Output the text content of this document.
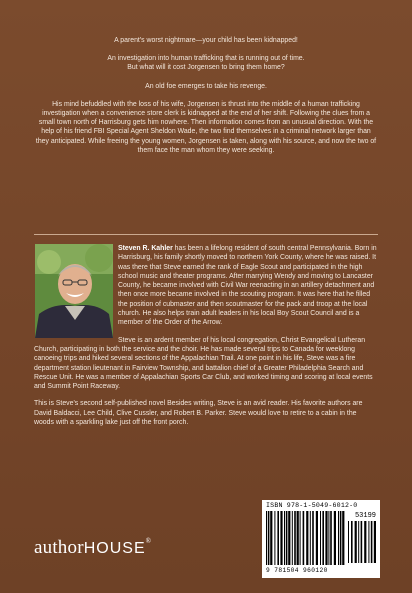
A parent's worst nightmare—your child has been kidnapped!

An investigation into human trafficking that is running out of time.
But what will it cost Jorgensen to bring them home?

An old foe emerges to take his revenge.

His mind befuddled with the loss of his wife, Jorgensen is thrust into the middle of a human trafficking investigation when a convenience store clerk is kidnapped at the end of her shift. Following the clues from a small town north of Harrisburg gets him nowhere. Then information comes from an unusual direction. With the help of his friend FBI Special Agent Sheldon Wade, the two find themselves in a criminal network larger than they anticipated. While freeing the young women, Jorgensen is taken, along with his source, and now the two of them face the man whom they were seeking.

Steven R. Kahler has been a lifelong resident of south central Pennsylvania. Born in Harrisburg, his family shortly moved to northern York County, where he was raised. It was there that Steve earned the rank of Eagle Scout and participated in the high school music and theater programs. After marrying Wendy and moving to Lancaster County, he became involved with Civil War reenacting in an artillery detachment and then once more became involved in the scouting program. It was here that he filled the position of cubmaster and then scoutmaster for the pack and troop at the local church. He also helps train adult leaders in his local Boy Scout Council and is a member of the Order of the Arrow.

Steve is an ardent member of his local congregation, Christ Evangelical Lutheran Church, participating in both the service and the choir. He has made several trips to Canada for weeklong canoeing trips and hiked several sections of the Appalachian Trail. At one point in his life, Steve was a fire department station lieutenant in Fairview Township, and battalion chief of a Greater Philadelphia Search and Rescue Unit. He was a member of Appalachian Sports Car Club, and worked timing and scoring at local events and Summit Point Raceway.

This is Steve's second self-published novel Besides writing, Steve is an avid reader. His favorite authors are David Baldacci, Lee Child, Clive Cussler, and Robert B. Parker. Steve would love to retire to a cabin in the woods with a sparkling lake just off the front porch.

authorHOUSE®
ISBN 978-1-5049-6012-0
53199
9 781504 960120
